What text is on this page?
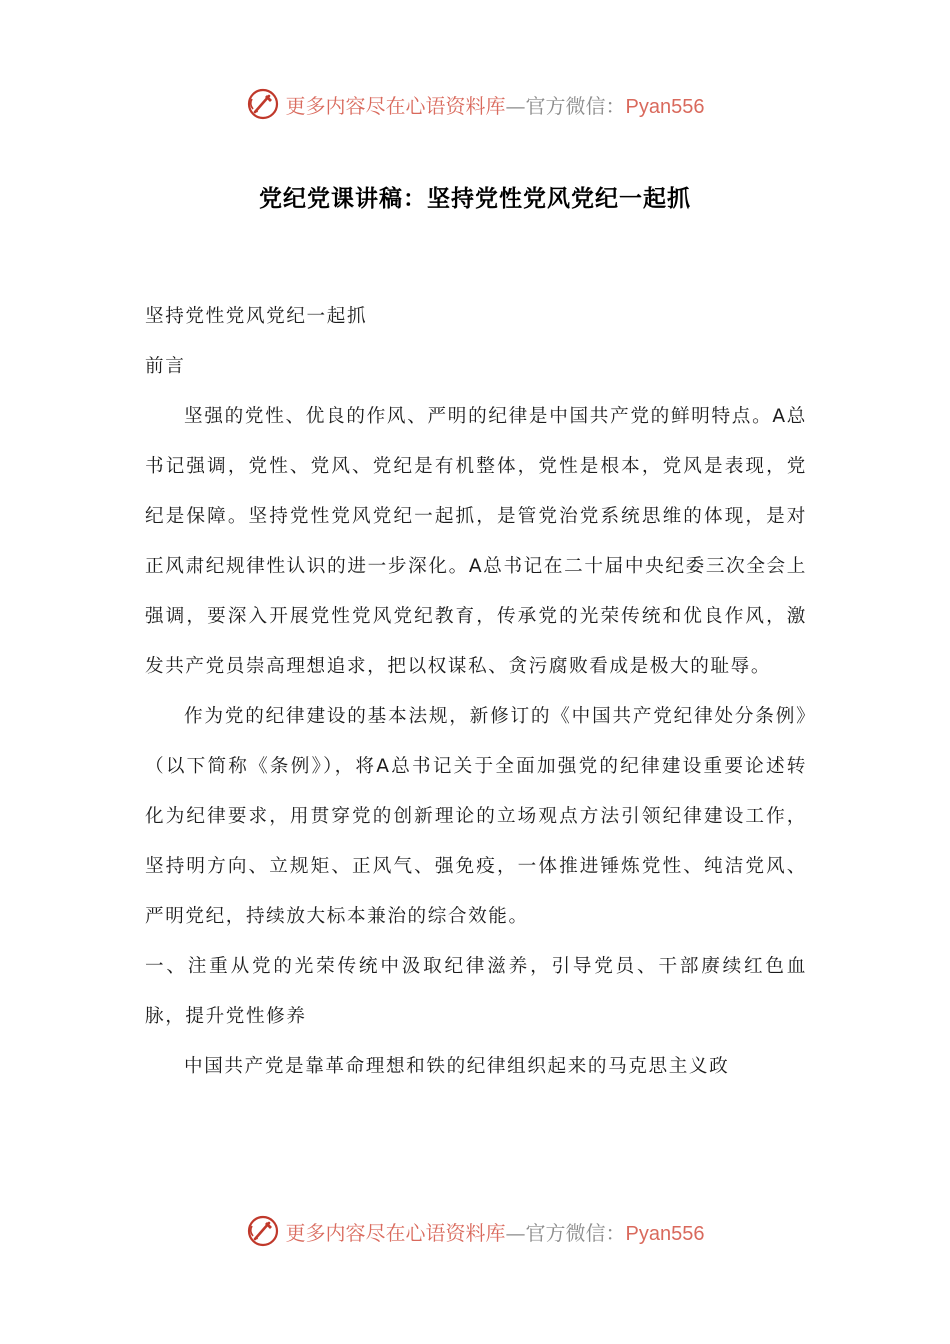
更多内容尽在心语资料库—官方微信：Pyan556
党纪党课讲稿：坚持党性党风党纪一起抓

坚持党性党风党纪一起抓

前言

坚强的党性、优良的作风、严明的纪律是中国共产党的鲜明特点。A总书记强调，党性、党风、党纪是有机整体，党性是根本，党风是表现，党纪是保障。坚持党性党风党纪一起抓，是管党治党系统思维的体现，是对正风肃纪规律性认识的进一步深化。A总书记在二十届中央纪委三次全会上强调，要深入开展党性党风党纪教育，传承党的光荣传统和优良作风，激发共产党员崇高理想追求，把以权谋私、贪污腐败看成是极大的耻辱。

作为党的纪律建设的基本法规，新修订的《中国共产党纪律处分条例》（以下简称《条例》），将A总书记关于全面加强党的纪律建设重要论述转化为纪律要求，用贯穿党的创新理论的立场观点方法引领纪律建设工作，坚持明方向、立规矩、正风气、强免疫，一体推进锤炼党性、纯洁党风、严明党纪，持续放大标本兼治的综合效能。

一、注重从党的光荣传统中汲取纪律滋养，引导党员、干部赓续红色血脉，提升党性修养

中国共产党是靠革命理想和铁的纪律组织起来的马克思主义政

更多内容尽在心语资料库—官方微信：Pyan556
